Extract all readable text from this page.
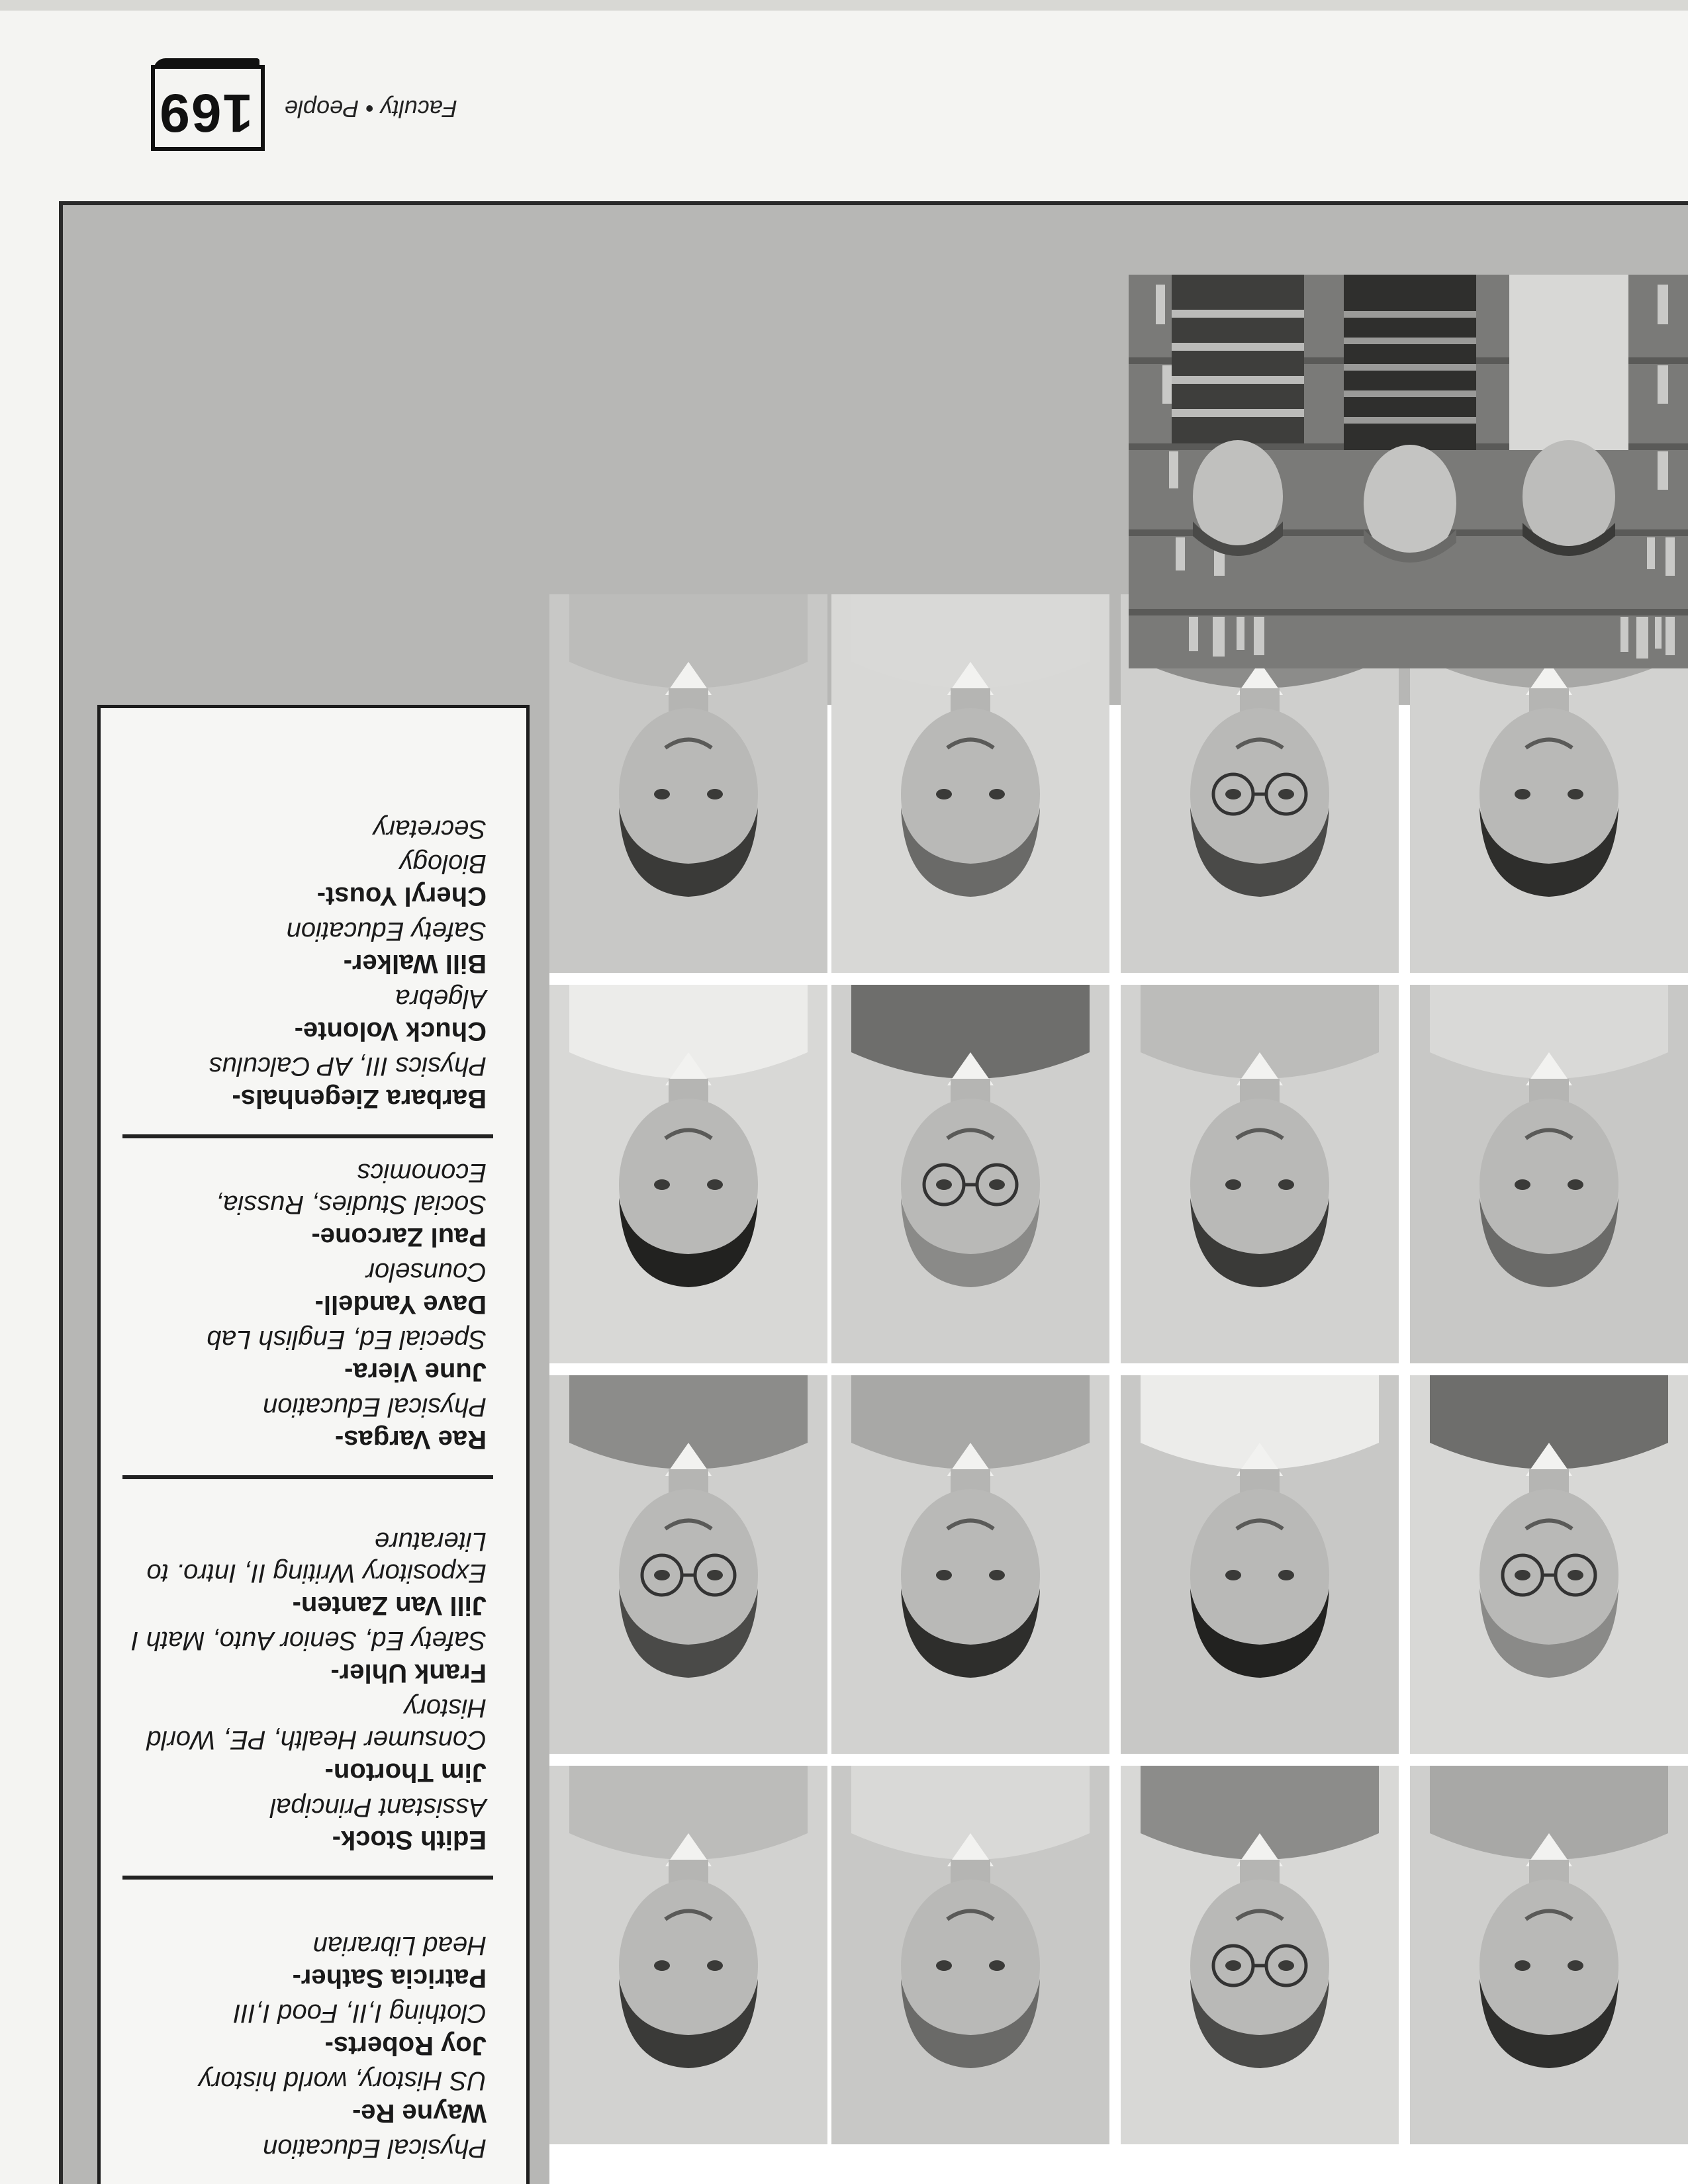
Physical Education
Wayne Re-
US History, world history
Joy Roberts-
Clothing I,II, Food I,III
Patricia Sather-
Head Librarian
Edith Stock-
Assistant Principal
Jim Thorton-
Consumer Health, PE, World History
Frank Uhler-
Safety Ed, Senior Auto, Math I
Jill Van Zanten-
Expository Writing II, Intro. to Literature
Rae Vargas-
Physical Education
June Viera-
Special Ed, English Lab
Dave Yandell-
Counselor
Paul Zarcone-
Social Studies, Russia, Economics
Barbara Ziegenhals-
Physics III, AP Calculus
Chuck Volonte-
Algebra
Bill Walker-
Safety Education
Cheryl Youst-
Biology
Secretary
Faculty • People
169
